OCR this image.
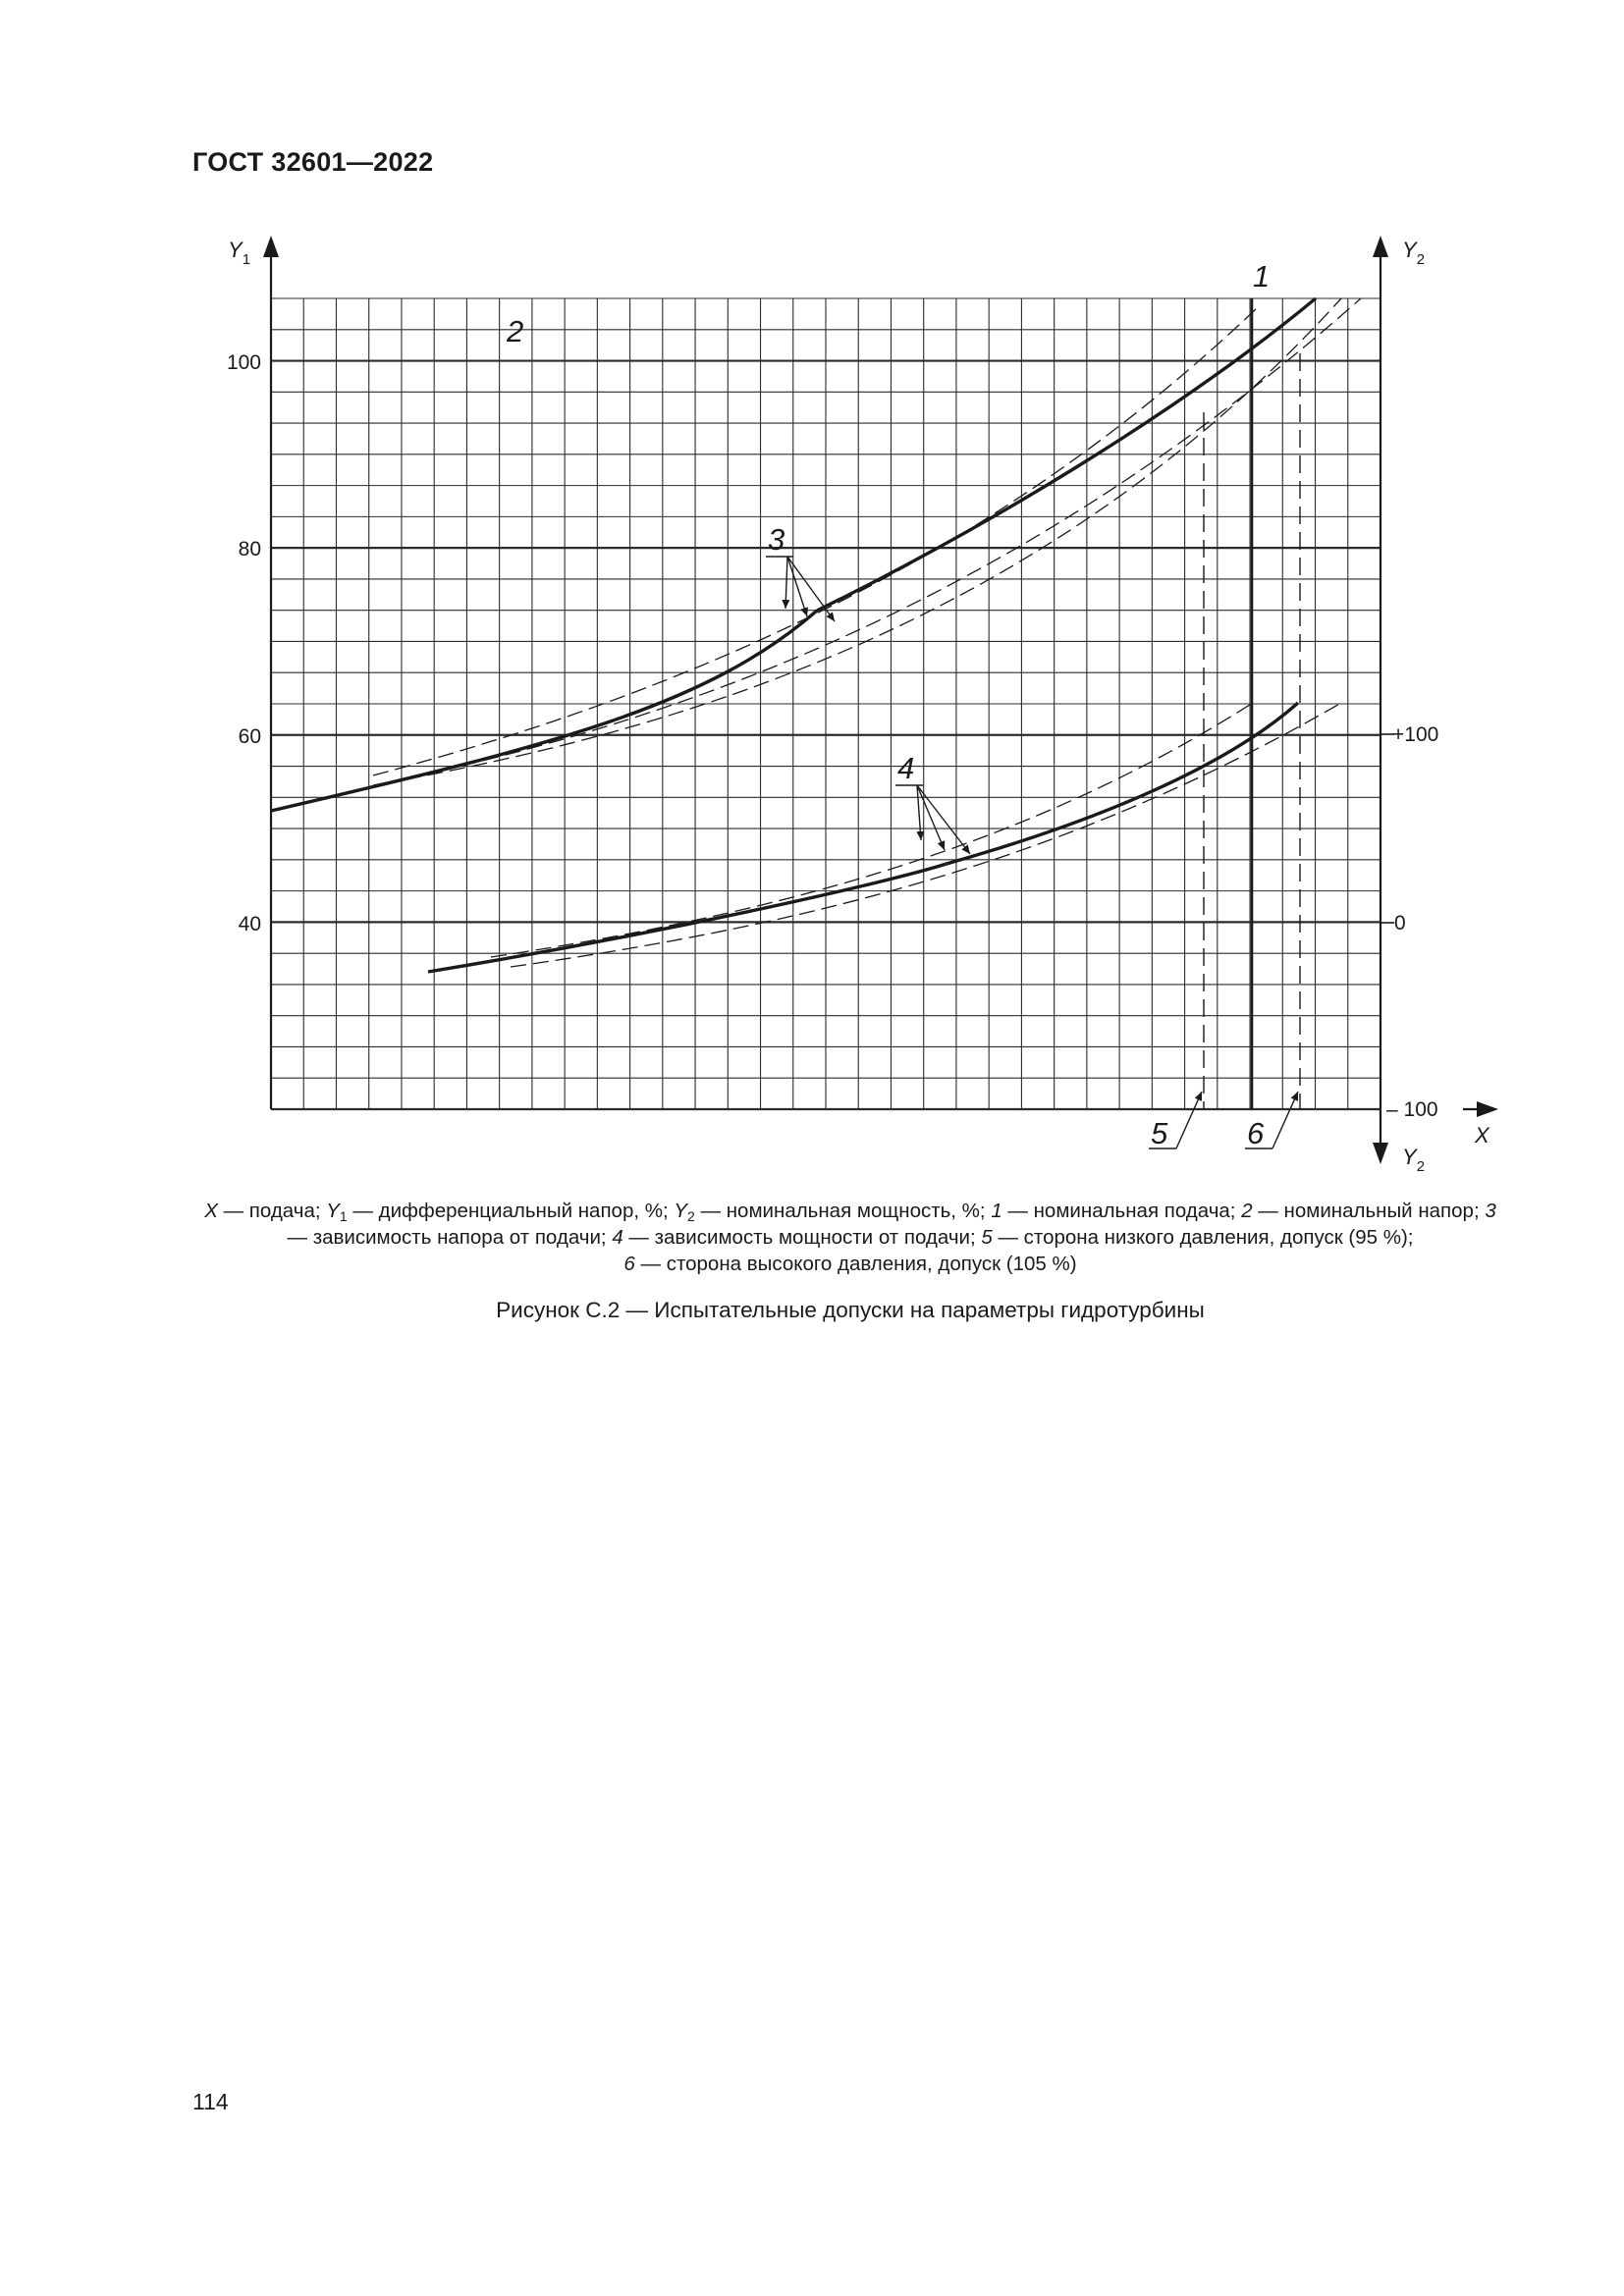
ГОСТ 32601—2022
$Y_1$	$Y_2$
$Y_2$
X
100
80
60
40
+100
0
– 100
1
2
3
4
5	6
X — подача; $Y_1$ — дифференциальный напор, %; $Y_2$ — номинальная мощность, %; 1 — номинальная подача; 2 — номинальный напор; 3 — зависимость напора от подачи; 4 — зависимость мощности от подачи; 5 — сторона низкого давления, допуск (95 %);
6 — сторона высокого давления, допуск (105 %)
Рисунок С.2 — Испытательные допуски на параметры гидротурбины
114
